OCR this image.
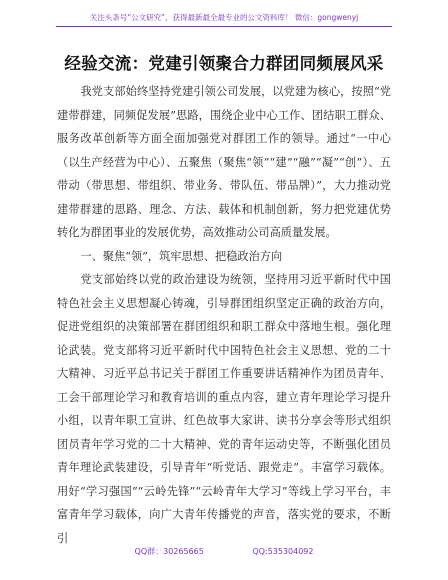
关注头条号“公文研究”，获得最新最全最专业的公文资料库！ 微信：gongwenyj
经验交流：党建引领聚合力群团同频展风采

我党支部始终坚持党建引领公司发展，以党建为核心，按照“党建带群建，同频促发展”思路，围绕企业中心工作、团结职工群众、服务改革创新等方面全面加强党对群团工作的领导。通过“一中心（以生产经营为中心）、五聚焦（聚焦“领”“建”“融”“凝”“创”）、五带动（带思想、带组织、带业务、带队伍、带品牌）”，大力推动党建带群建的思路、理念、方法、载体和机制创新，努力把党建优势转化为群团事业的发展优势，高效推动公司高质量发展。

一、聚焦“领”，筑牢思想、把稳政治方向

党支部始终以党的政治建设为统领，坚持用习近平新时代中国特色社会主义思想凝心铸魂，引导群团组织坚定正确的政治方向，促进党组织的决策部署在群团组织和职工群众中落地生根。强化理论武装。党支部将习近平新时代中国特色社会主义思想、党的二十大精神、习近平总书记关于群团工作重要讲话精神作为团员青年、工会干部理论学习和教育培训的重点内容，建立青年理论学习提升小组，以青年职工宣讲、红色故事大家讲、读书分享会等形式组织团员青年学习党的二十大精神、党的青年运动史等，不断强化团员青年理论武装建设，引导青年“听党话、跟党走”。丰富学习载体。用好“学习强国”“云岭先锋”“云岭青年大学习”等线上学习平台，丰富青年学习载体，向广大青年传播党的声音，落实党的要求，不断引

QQ群：30265665	QQ:535304092
